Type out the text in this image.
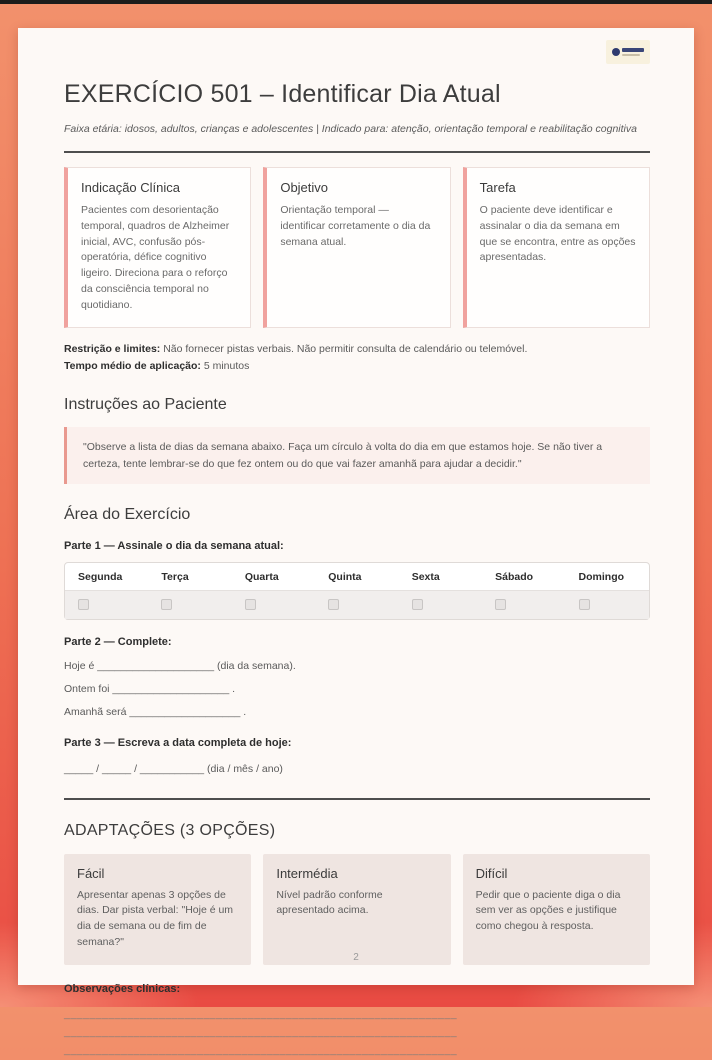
EXERCÍCIO 501 – Identificar Dia Atual
Faixa etária: idosos, adultos, crianças e adolescentes | Indicado para: atenção, orientação temporal e reabilitação cognitiva
Indicação Clínica

Pacientes com desorientação temporal, quadros de Alzheimer inicial, AVC, confusão pós-operatória, défice cognitivo ligeiro. Direciona para o reforço da consciência temporal no quotidiano.

Objetivo

Orientação temporal — identificar corretamente o dia da semana atual.

Tarefa

O paciente deve identificar e assinalar o dia da semana em que se encontra, entre as opções apresentadas.

Restrição e limites: Não fornecer pistas verbais. Não permitir consulta de calendário ou telemóvel.
Tempo médio de aplicação: 5 minutos
Instruções ao Paciente
"Observe a lista de dias da semana abaixo. Faça um círculo à volta do dia em que estamos hoje. Se não tiver a certeza, tente lembrar-se do que fez ontem ou do que vai fazer amanhã para ajudar a decidir."
Área do Exercício
Parte 1 — Assinale o dia da semana atual:
Segunda	Terça	Quarta	Quinta	Sexta	Sábado	Domingo
Parte 2 — Complete:
Hoje é ____________________ (dia da semana).
Ontem foi ____________________ .
Amanhã será ___________________ .
Parte 3 — Escreva a data completa de hoje:
_____ / _____ / ___________ (dia / mês / ano)
ADAPTAÇÕES (3 OPÇÕES)
Fácil

Apresentar apenas 3 opções de dias. Dar pista verbal: "Hoje é um dia de semana ou de fim de semana?"

Intermédia

Nível padrão conforme apresentado acima.

Difícil

Pedir que o paciente diga o dia sem ver as opções e justifique como chegou à resposta.

Observações clínicas:
______________________________________________________________
______________________________________________________________
______________________________________________________________
2
